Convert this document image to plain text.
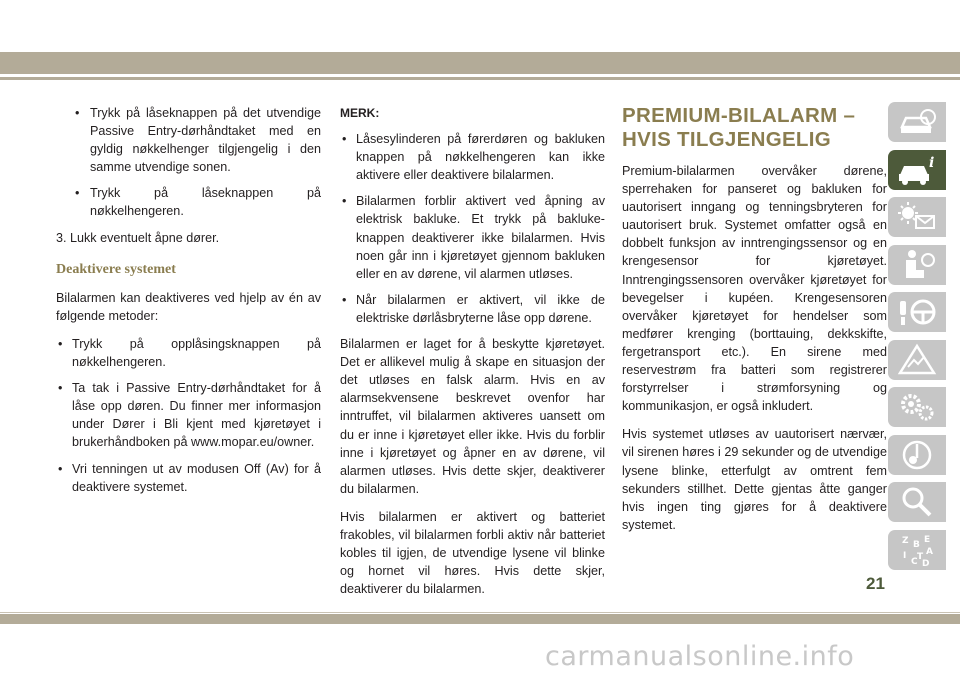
• Trykk på låseknappen på det utvendige Passive Entry-dørhåndtaket med en gyldig nøkkelhenger tilgjengelig i den samme utvendige sonen.
• Trykk på låseknappen på nøkkelhengeren.
3. Lukk eventuelt åpne dører.
Deaktivere systemet

Bilalarmen kan deaktiveres ved hjelp av én av følgende metoder:

• Trykk på opplåsingsknappen på nøkkelhengeren.
• Ta tak i Passive Entry-dørhåndtaket for å låse opp døren. Du finner mer informasjon under Dører i Bli kjent med kjøretøyet i brukerhåndboken på www.mopar.eu/owner.
• Vri tenningen ut av modusen Off (Av) for å deaktivere systemet.
MERK:
• Låsesylinderen på førerdøren og bakluken knappen på nøkkelhengeren kan ikke aktivere eller deaktivere bilalarmen.
• Bilalarmen forblir aktivert ved åpning av elektrisk bakluke. Et trykk på bakluke-knappen deaktiverer ikke bilalarmen. Hvis noen går inn i kjøretøyet gjennom bakluken eller en av dørene, vil alarmen utløses.
• Når bilalarmen er aktivert, vil ikke de elektriske dørlåsbryterne låse opp dørene.

Bilalarmen er laget for å beskytte kjøretøyet. Det er allikevel mulig å skape en situasjon der det utløses en falsk alarm. Hvis en av alarmsekvensene beskrevet ovenfor har inntruffet, vil bilalarmen aktiveres uansett om du er inne i kjøretøyet eller ikke. Hvis du forblir inne i kjøretøyet og åpner en av dørene, vil alarmen utløses. Hvis dette skjer, deaktiverer du bilalarmen.

Hvis bilalarmen er aktivert og batteriet frakobles, vil bilalarmen forbli aktiv når batteriet kobles til igjen, de utvendige lysene vil blinke og hornet vil høres. Hvis dette skjer, deaktiverer du bilalarmen.

PREMIUM-BILALARM – HVIS TILGJENGELIG

Premium-bilalarmen overvåker dørene, sperrehaken for panseret og bakluken for uautorisert inngang og tenningsbryteren for uautorisert bruk. Systemet omfatter også en dobbelt funksjon av inntrengingssensor og en krengesensor for kjøretøyet. Inntrengingssensoren overvåker kjøretøyet for bevegelser i kupéen. Krengesensoren overvåker kjøretøyet for hendelser som medfører krenging (borttauing, dekkskifte, fergetransport etc.). En sirene med reservestrøm fra batteri som registrerer forstyrrelser i strømforsyning og kommunikasjon, er også inkludert.

Hvis systemet utløses av uautorisert nærvær, vil sirenen høres i 29 sekunder og de utvendige lysene blinke, etterfulgt av omtrent fem sekunders stillhet. Dette gjentas åtte ganger hvis ingen ting gjøres for å deaktivere systemet.

i
Z B E
A
I
C T
D
21
carmanualsonline.info
